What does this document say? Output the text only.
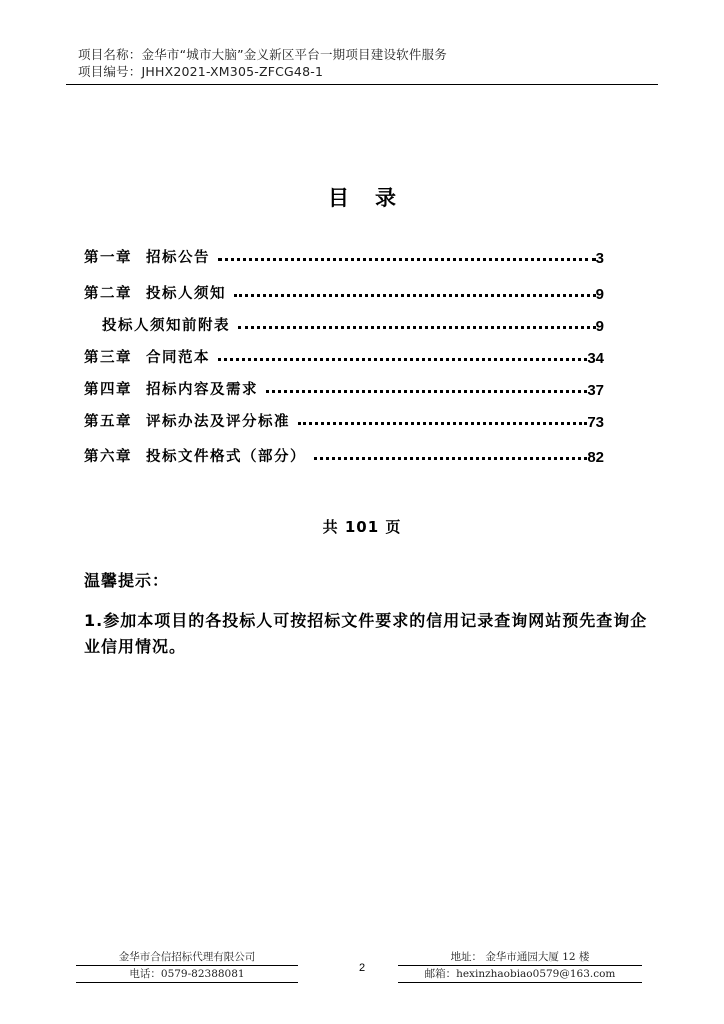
项目名称：金华市“城市大脑”金义新区平台一期项目建设软件服务
项目编号：JHHX2021-XM305-ZFCG48-1
目录
第一章 招标公告	3
第二章 投标人须知	9
投标人须知前附表	9
第三章 合同范本	34
第四章 招标内容及需求	37
第五章 评标办法及评分标准	73
第六章 投标文件格式（部分）	82
共 101 页
温馨提示：
1.参加本项目的各投标人可按招标文件要求的信用记录查询网站预先查询企业信用情况。
金华市合信招标代理有限公司
电话：0579-82388081	2
地址： 金华市通园大厦 12 楼
邮箱：hexinzhaobiao0579@163.com
